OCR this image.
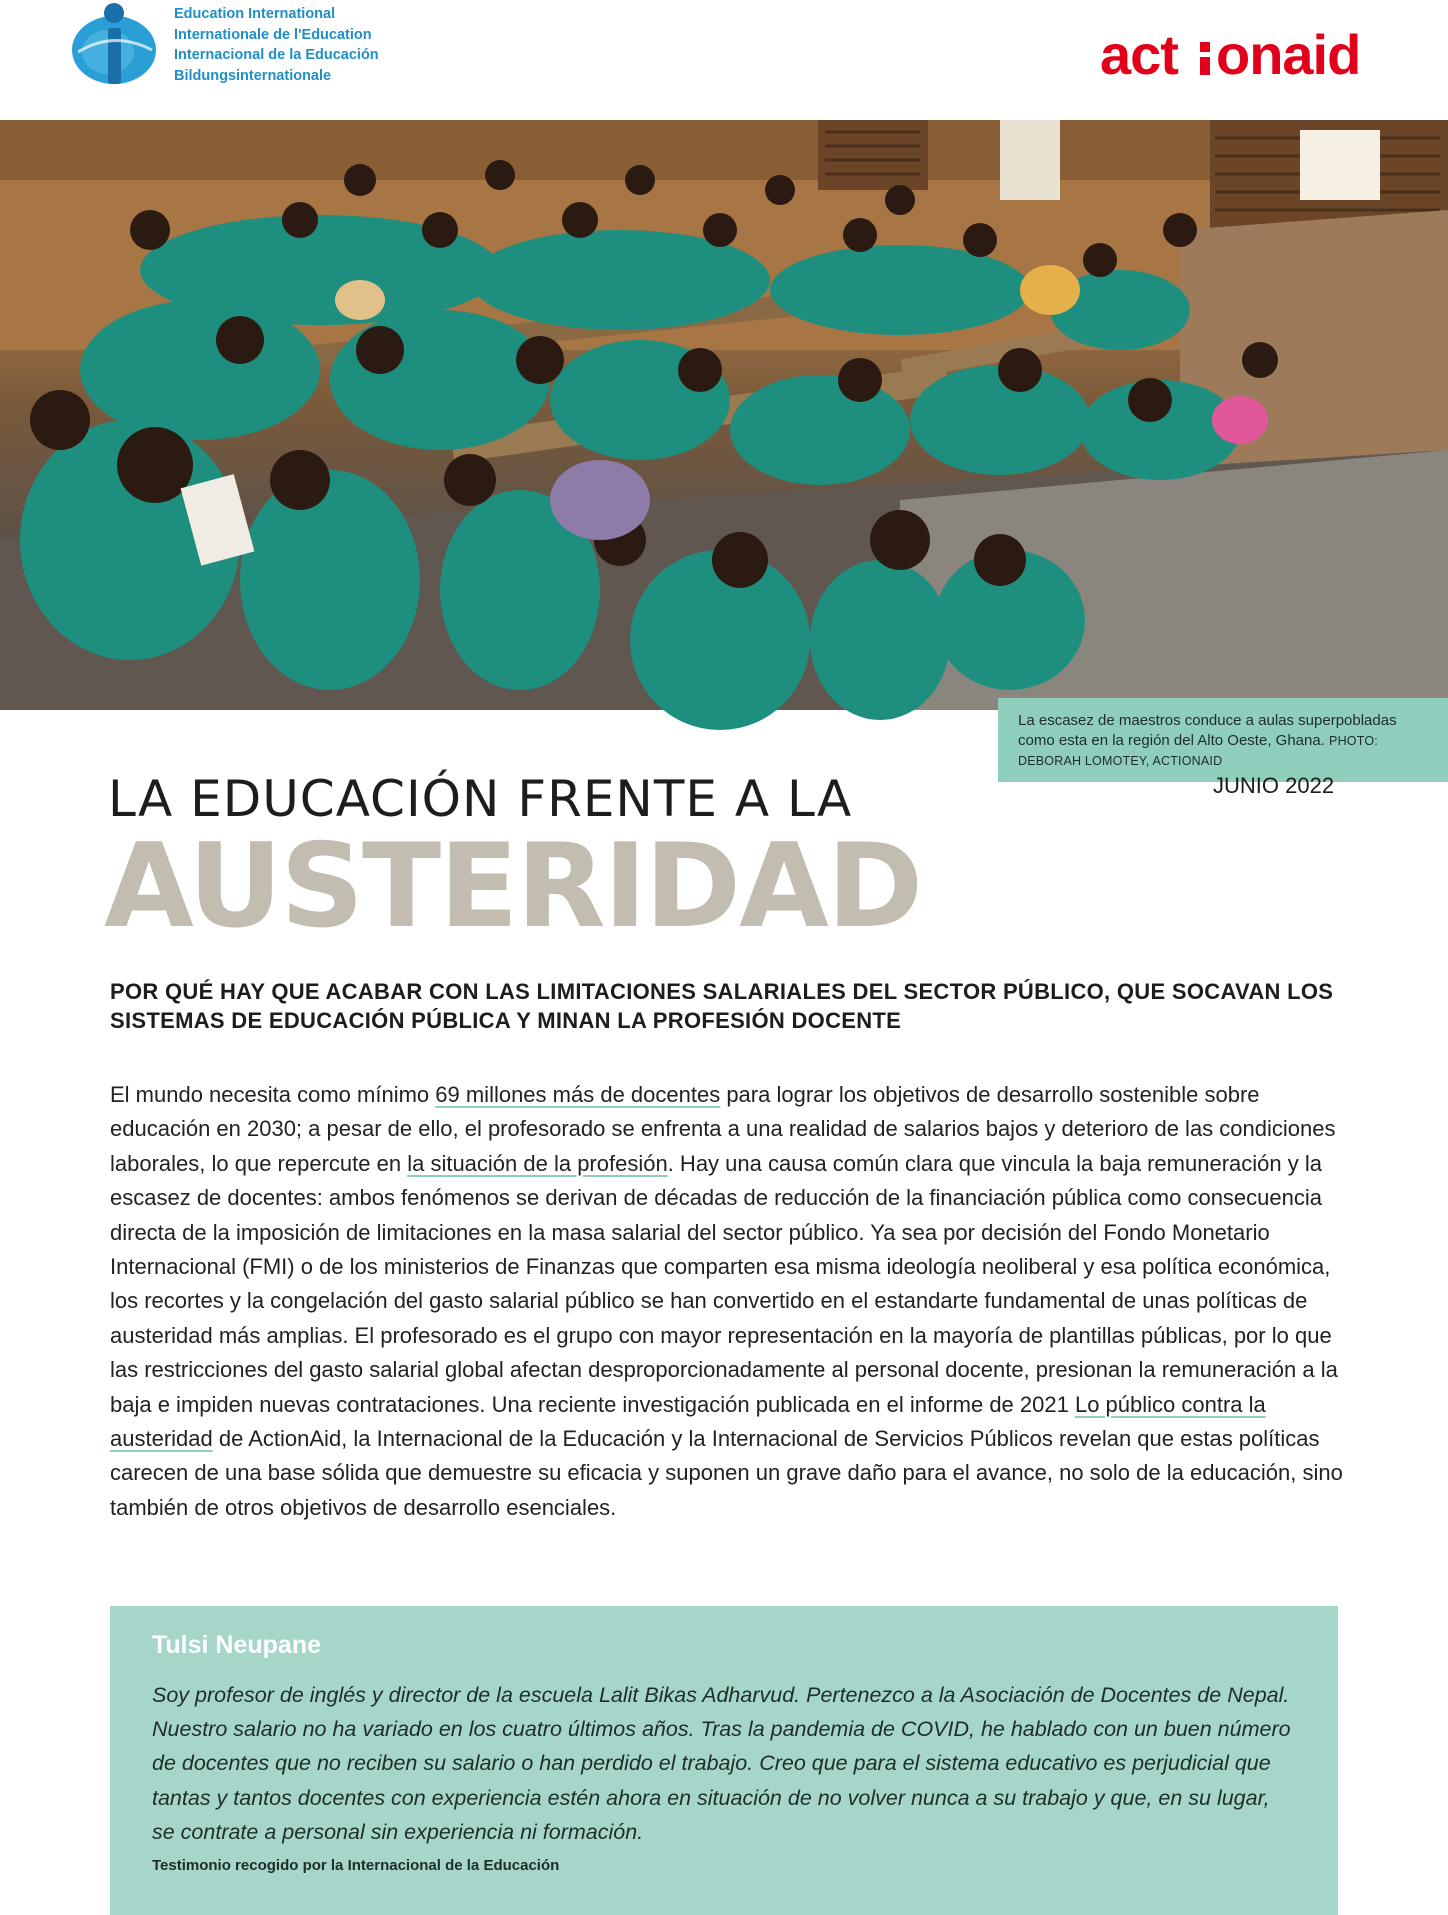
Education International
Internationale de l'Education
Internacional de la Educación
Bildungsinternationale	act onaid
La escasez de maestros conduce a aulas superpobladas como esta en la región del Alto Oeste, Ghana. PHOTO: DEBORAH LOMOTEY, ACTIONAID
LA EDUCACIÓN FRENTE A LA
AUSTERIDAD
JUNIO 2022
POR QUÉ HAY QUE ACABAR CON LAS LIMITACIONES SALARIALES DEL SECTOR PÚBLICO, QUE SOCAVAN LOS SISTEMAS DE EDUCACIÓN PÚBLICA Y MINAN LA PROFESIÓN DOCENTE

El mundo necesita como mínimo 69 millones más de docentes para lograr los objetivos de desarrollo sostenible sobre educación en 2030; a pesar de ello, el profesorado se enfrenta a una realidad de salarios bajos y deterioro de las condiciones laborales, lo que repercute en la situación de la profesión. Hay una causa común clara que vincula la baja remuneración y la escasez de docentes: ambos fenómenos se derivan de décadas de reducción de la financiación pública como consecuencia directa de la imposición de limitaciones en la masa salarial del sector público. Ya sea por decisión del Fondo Monetario Internacional (FMI) o de los ministerios de Finanzas que comparten esa misma ideología neoliberal y esa política económica, los recortes y la congelación del gasto salarial público se han convertido en el estandarte fundamental de unas políticas de austeridad más amplias. El profesorado es el grupo con mayor representación en la mayoría de plantillas públicas, por lo que las restricciones del gasto salarial global afectan desproporcionadamente al personal docente, presionan la remuneración a la baja e impiden nuevas contrataciones. Una reciente investigación publicada en el informe de 2021 Lo público contra la austeridad de ActionAid, la Internacional de la Educación y la Internacional de Servicios Públicos revelan que estas políticas carecen de una base sólida que demuestre su eficacia y suponen un grave daño para el avance, no solo de la educación, sino también de otros objetivos de desarrollo esenciales.

Tulsi Neupane
Soy profesor de inglés y director de la escuela Lalit Bikas Adharvud. Pertenezco a la Asociación de Docentes de Nepal. Nuestro salario no ha variado en los cuatro últimos años. Tras la pandemia de COVID, he hablado con un buen número de docentes que no reciben su salario o han perdido el trabajo. Creo que para el sistema educativo es perjudicial que tantas y tantos docentes con experiencia estén ahora en situación de no volver nunca a su trabajo y que, en su lugar, se contrate a personal sin experiencia ni formación.
Testimonio recogido por la Internacional de la Educación
